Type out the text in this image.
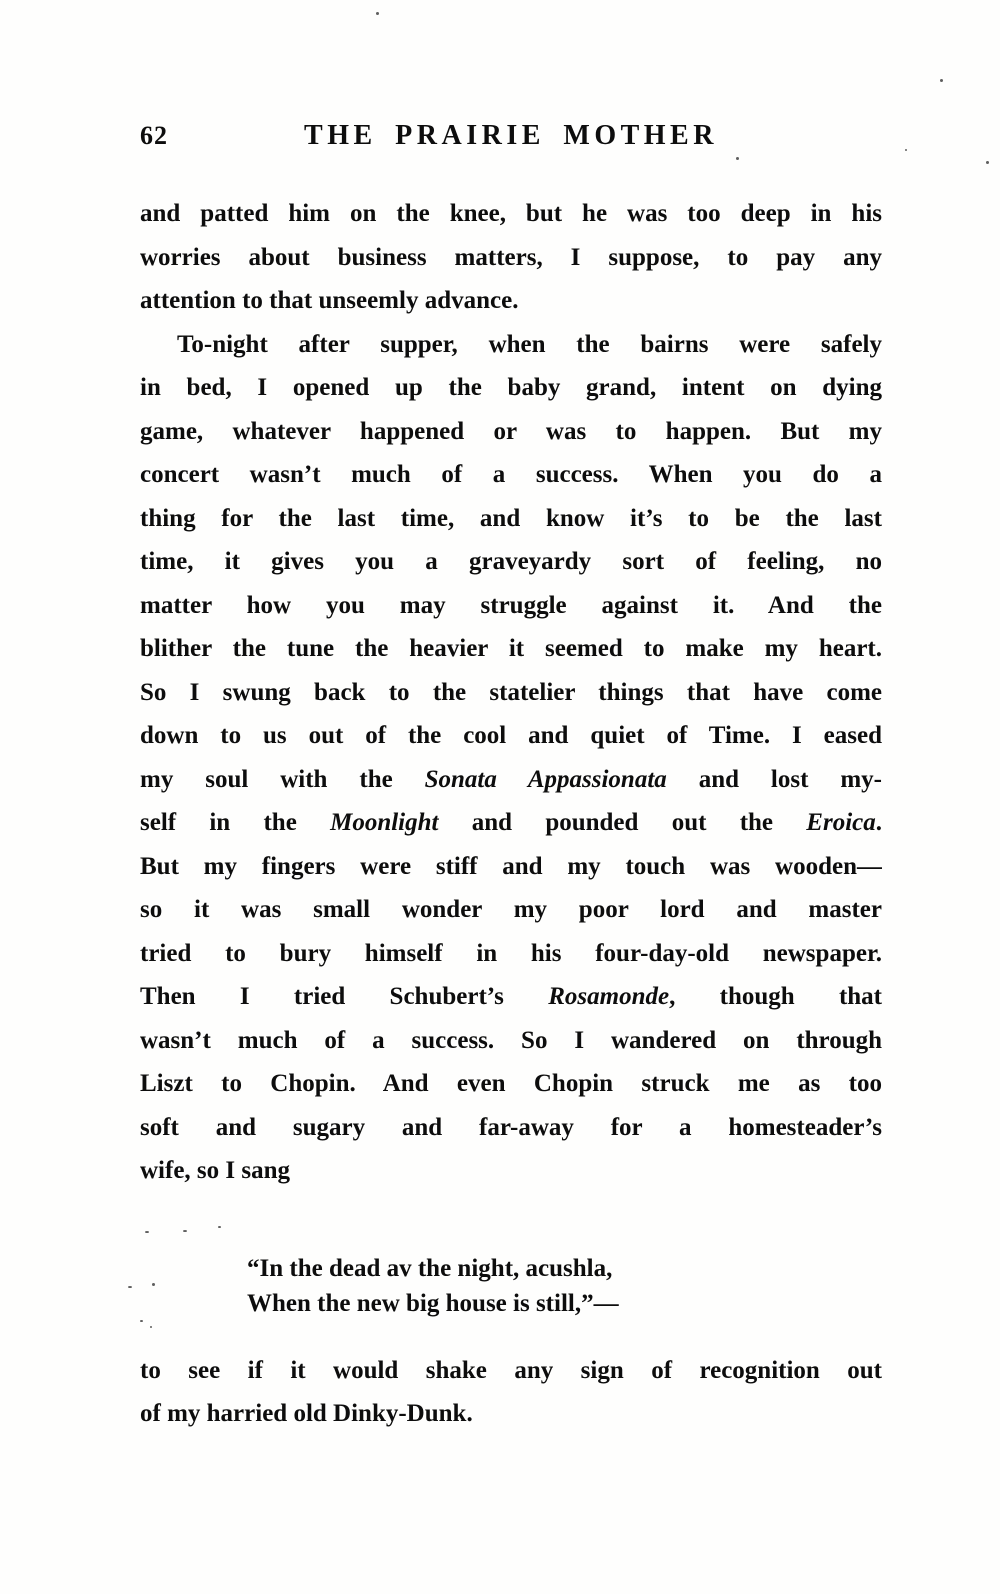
62	THE PRAIRIE MOTHER
and patted him on the knee, but he was too deep in his
worries about business matters, I suppose, to pay any
attention to that unseemly advance.
To-night after supper, when the bairns were safely
in bed, I opened up the baby grand, intent on dying
game, whatever happened or was to happen. But my
concert wasn’t much of a success. When you do a
thing for the last time, and know it’s to be the last
time, it gives you a graveyardy sort of feeling, no
matter how you may struggle against it. And the
blither the tune the heavier it seemed to make my heart.
So I swung back to the statelier things that have come
down to us out of the cool and quiet of Time. I eased
my soul with the Sonata Appassionata and lost my-
self in the Moonlight and pounded out the Eroica.
But my fingers were stiff and my touch was wooden—
so it was small wonder my poor lord and master
tried to bury himself in his four-day-old newspaper.
Then I tried Schubert’s Rosamonde, though that
wasn’t much of a success. So I wandered on through
Liszt to Chopin. And even Chopin struck me as too
soft and sugary and far-away for a homesteader’s
wife, so I sang
“In the dead av the night, acushla,
When the new big house is still,”—
to see if it would shake any sign of recognition out
of my harried old Dinky-Dunk.
